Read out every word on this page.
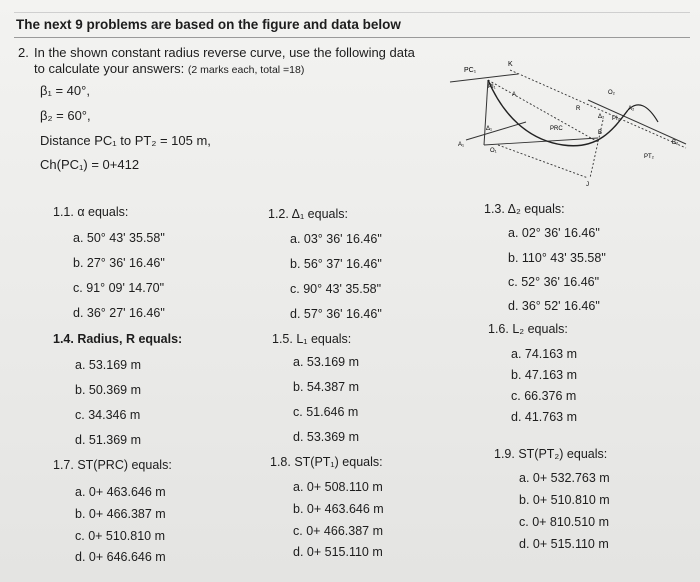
The next 9 problems are based on the figure and data below
2. In the shown constant radius reverse curve, use the following data
to calculate your answers: (2 marks each, total =18)
β₁ = 40°,
β₂ = 60°,
Distance PC₁ to PT₂ = 105 m,
Ch(PC₁) = 0+412
PC₁
K
PI₁
A
R
O₂
A₂
PRC
Δ₂
B
PI₂
A₁
Δ₁
O₁
PT₂
B₂
J
1.1. α equals:
a. 50° 43' 35.58"
b. 27° 36' 16.46"
c. 91° 09' 14.70"
d. 36° 27' 16.46"
1.2. Δ₁ equals:
a. 03° 36' 16.46"
b. 56° 37' 16.46"
c. 90° 43' 35.58"
d. 57° 36' 16.46"
1.3. Δ₂ equals:
a. 02° 36' 16.46"
b. 110° 43' 35.58"
c. 52° 36' 16.46"
d. 36° 52' 16.46"
1.4. Radius, R equals:
a. 53.169 m
b. 50.369 m
c. 34.346 m
d. 51.369 m
1.5. L₁ equals:
a. 53.169 m
b. 54.387 m
c. 51.646 m
d. 53.369 m
1.6. L₂ equals:
a. 74.163 m
b. 47.163 m
c. 66.376 m
d. 41.763 m
1.7. ST(PRC) equals:
a. 0+ 463.646 m
b. 0+ 466.387 m
c. 0+ 510.810 m
d. 0+ 646.646 m
1.8. ST(PT₁) equals:
a. 0+ 508.110 m
b. 0+ 463.646 m
c. 0+ 466.387 m
d. 0+ 515.110 m
1.9. ST(PT₂) equals:
a. 0+ 532.763 m
b. 0+ 510.810 m
c. 0+ 810.510 m
d. 0+ 515.110 m
